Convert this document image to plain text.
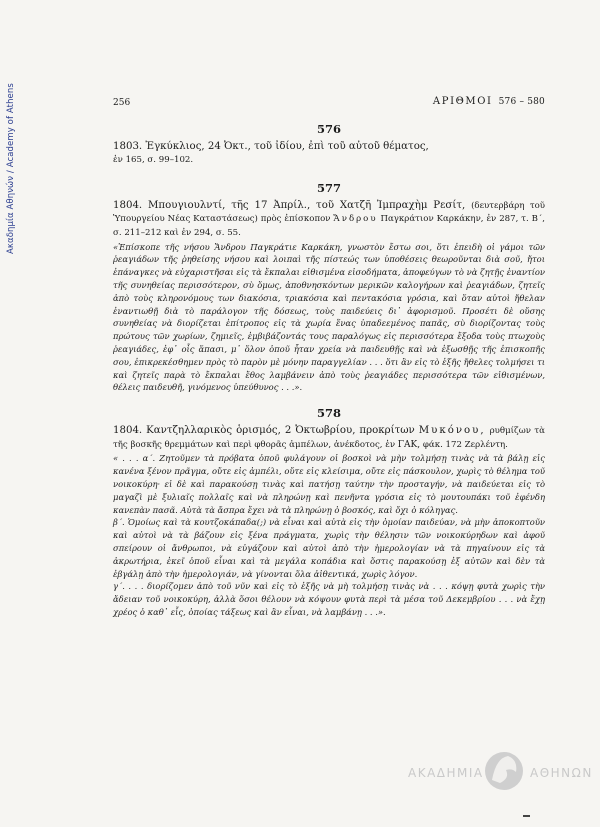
Ακαδημία Αθηνών / Academy of Athens	256	ΑΡΙΘΜΟΙ 576 – 580
576
1803. Ἐγκύκλιος, 24 Ὀκτ., τοῦ ἰδίου, ἐπὶ τοῦ αὐτοῦ θέματος,
ἐν 165, σ. 99–102.
577
1804. Μπουγιουλντί, τῆς 17 Ἀπρίλ., τοῦ Χατζῆ Ἰμπραχὴμ Ρεσίτ, (δευτερβάρη τοῦ Ὑπουργείου Νέας Καταστάσεως) πρὸς ἐπίσκοπον Ἄνδρου Παγκράτιον Καρκάκην, ἐν 287, τ. Β΄, σ. 211–212 καὶ ἐν 294, σ. 55.

«Ἐπίσκοπε τῆς νήσου Ἄνδρου Παγκράτιε Καρκάκη, γνωστὸν ἔστω σοι, ὅτι ἐπειδὴ οἱ γάμοι τῶν ῥεαγιάδων τῆς ῥηθείσης νήσου καὶ λοιπαὶ τῆς πίστεώς των ὑποθέσεις θεωροῦνται διὰ σοῦ, ἤτοι ἐπάναγκες νὰ εὐχαριστῆσαι εἰς τὰ ἔκπαλαι εἰθισμένα εἰσοδήματα, ἀποφεύγων τὸ νὰ ζητῇς ἐναντίον τῆς συνηθείας περισσότερον, σὺ ὅμως, ἀποθνησκόντων μερικῶν καλογήρων καὶ ῥεαγιάδων, ζητεῖς ἀπὸ τοὺς κληρονόμους των διακόσια, τριακόσια καὶ πεντακόσια γρόσια, καὶ ὅταν αὐτοὶ ἤθελαν ἐναντιωθῇ διὰ τὸ παράλογον τῆς δόσεως, τοὺς παιδεύεις δι᾽ ἀφορισμοῦ. Προσέτι δὲ οὔσης συνηθείας νὰ διορίζεται ἐπίτροπος εἰς τὰ χωρία ἕνας ὑπαδεεμένος παπᾶς, σὺ διορίζοντας τοὺς πρώτους τῶν χωρίων, ζημιεῖς, ἐμβιβάζοντάς τους παραλόγως εἰς περισσότερα ἔξοδα τοὺς πτωχοὺς ῥεαγιάδες, ἐφ᾽ οἷς ἅπασι, μ᾽ ὅλον ὁποῦ ἦταν χρεία νὰ παιδευθῇς καὶ νὰ ἐξωσθῇς τῆς ἐπισκοπῆς σου, ἐπικρεκέσθημεν πρὸς τὸ παρὸν μὲ μόνην παραγγελίαν . . . ὅτι ἂν εἰς τὸ ἑξῆς ἤθελες τολμήσει τι καὶ ζητεῖς παρὰ τὸ ἔκπαλαι ἔθος λαμβάνειν ἀπὸ τοὺς ῥεαγιάδες περισσότερα τῶν εἰθισμένων, θέλεις παιδευθῆ, γινόμενος ὑπεύθυνος . . .».

578
1804. Καντζηλλαρικὸς ὁρισμός, 2 Ὀκτωβρίου, προκρίτων Μυκόνου, ρυθμίζων τὰ τῆς βοσκῆς θρεμμάτων καὶ περὶ φθορᾶς ἀμπέλων, ἀνέκδοτος, ἐν ΓΑΚ, φάκ. 172 Ζερλέντη.

« . . . α΄. Ζητοῦμεν τὰ πρόβατα ὁποῦ φυλάγουν οἱ βοσκοὶ νὰ μὴν τολμήσῃ τινὰς νὰ τὰ βάλῃ εἰς κανένα ξένον πρᾶγμα, οὔτε εἰς ἀμπέλι, οὔτε εἰς κλείσιμα, οὔτε εἰς πάσκουλον, χωρὶς τὸ θέλημα τοῦ νοικοκύρη· εἰ δὲ καὶ παρακούσῃ τινὰς καὶ πατήσῃ ταύτην τὴν προσταγήν, νὰ παιδεύεται εἰς τὸ μαγαζὶ μὲ ξυλιαῖς πολλαῖς καὶ νὰ πληρώνῃ καὶ πενῆντα γρόσια εἰς τὸ μουτουπάκι τοῦ ἐφένδη κανεπὰν πασᾶ. Αὐτὰ τὰ ἄσπρα ἔχει νὰ τὰ πληρώνῃ ὁ βοσκός, καὶ ὄχι ὁ κόληγας.

β΄. Ὁμοίως καὶ τὰ κουτζοκάπαδα(;) νὰ εἶναι καὶ αὐτὰ εἰς τὴν ὁμοίαν παιδεύαν, νὰ μὴν ἀποκοπτοῦν καὶ αὐτοὶ νὰ τὰ βάζουν εἰς ξένα πράγματα, χωρὶς τὴν θέλησιν τῶν νοικοκύρηδων καὶ ἀφοῦ σπείρουν οἱ ἄνθρωποι, νὰ εὐγάζουν καὶ αὐτοὶ ἀπὸ τὴν ἡμερολογίαν νὰ τὰ πηγαίνουν εἰς τὰ ἀκρωτήρια, ἐκεῖ ὁποῦ εἶναι καὶ τὰ μεγάλα κοπάδια καὶ ὅστις παρακούσῃ ἐξ αὐτῶν καὶ δὲν τὰ ἐβγάλῃ ἀπὸ τὴν ἡμερολογιάν, νὰ γίνονται ὅλα ἀἰθεντικά, χωρὶς λόγον.

γ΄. . . . διορίζομεν ἀπὸ τοῦ νῦν καὶ εἰς τὸ ἑξῆς νὰ μὴ τολμήσῃ τινὰς νὰ . . . κόψῃ φυτὰ χωρὶς τὴν ἄδειαν τοῦ νοικοκύρη, ἀλλὰ ὅσοι θέλουν νὰ κόψουν φυτὰ περὶ τὰ μέσα τοῦ Δεκεμβρίου . . . νὰ ἔχῃ χρέος ὁ καθ᾽ εἷς, ὁποίας τάξεως καὶ ἂν εἶναι, νὰ λαμβάνῃ . . .».

ΑΚΑΔΗΜΙΑ	ΑΘΗΝΩΝ
